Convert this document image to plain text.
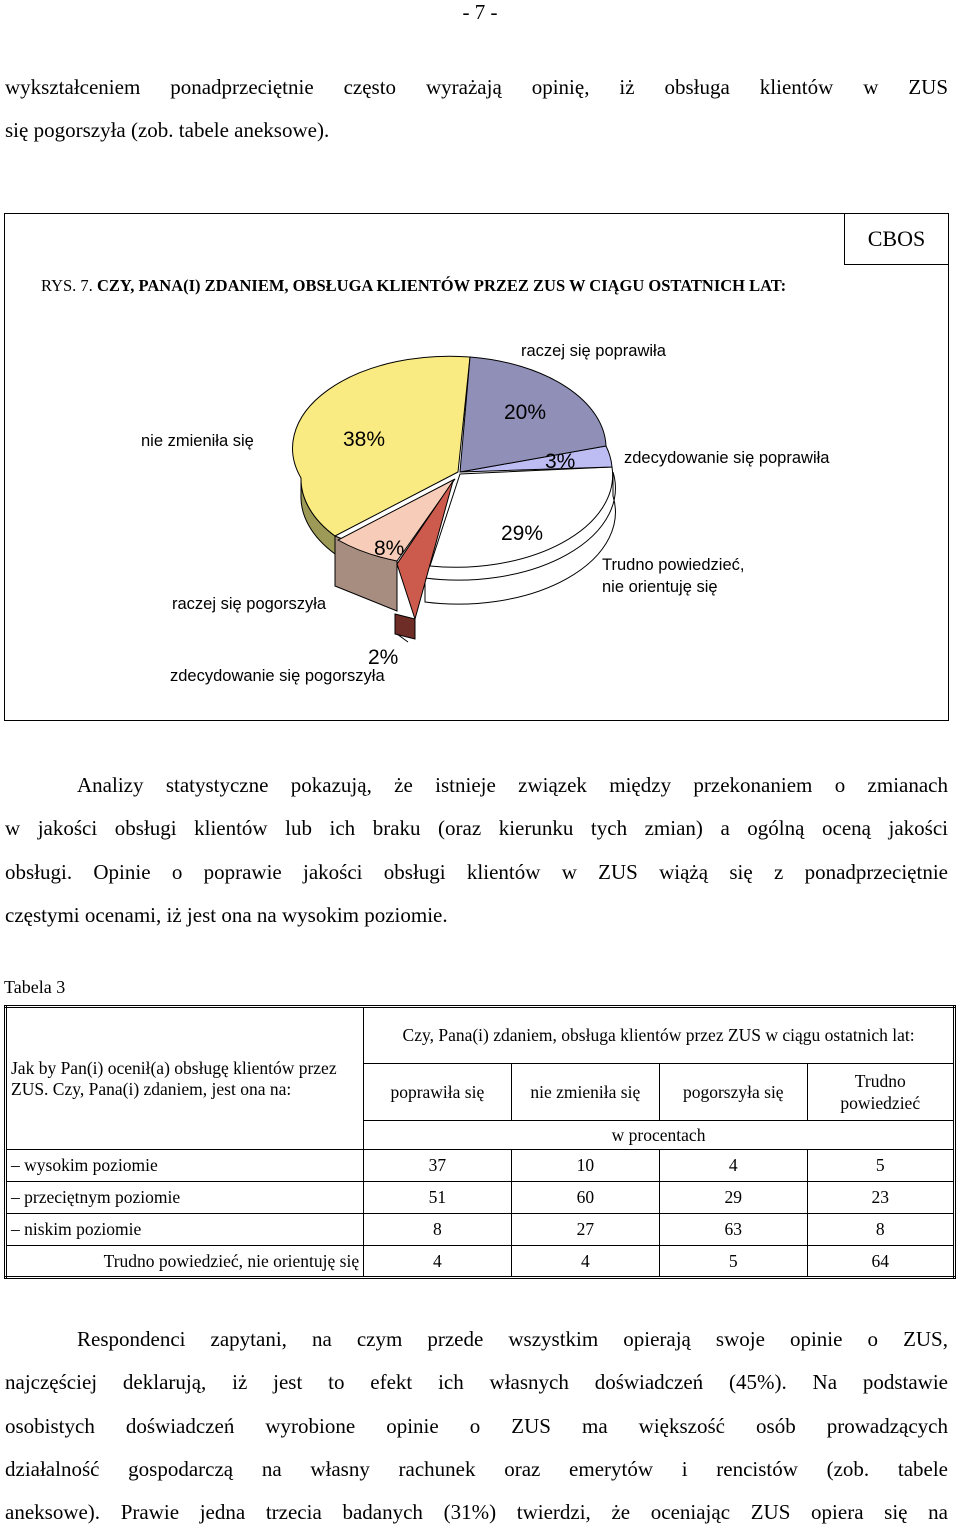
- 7 -
wykształceniem ponadprzeciętnie często wyrażają opinię, iż obsługa klientów w ZUS
się pogorszyła (zob. tabele aneksowe).
CBOS
RYS. 7. CZY, PANA(I) ZDANIEM, OBSŁUGA KLIENTÓW PRZEZ ZUS W CIĄGU OSTATNICH LAT:
raczej się poprawiła
20%
nie zmieniła się	38%
3%	zdecydowanie się poprawiła
29%
Trudno powiedzieć,
nie orientuję się
8%
raczej się pogorszyła
2%
zdecydowanie się pogorszyła
Analizy statystyczne pokazują, że istnieje związek między przekonaniem o zmianach
w jakości obsługi klientów lub ich braku (oraz kierunku tych zmian) a ogólną oceną jakości
obsługi. Opinie o poprawie jakości obsługi klientów w ZUS wiążą się z ponadprzeciętnie
częstymi ocenami, iż jest ona na wysokim poziomie.
Tabela 3
Jak by Pan(i) ocenił(a) obsługę klientów przez ZUS. Czy, Pana(i) zdaniem, jest ona na:	Czy, Pana(i) zdaniem, obsługa klientów przez ZUS w ciągu ostatnich lat:			
	poprawiła się	nie zmieniła się	pogorszyła się	Trudno powiedzieć
	w procentach			
– wysokim poziomie	37	10	4	5
– przeciętnym poziomie	51	60	29	23
– niskim poziomie	8	27	63	8
Trudno powiedzieć, nie orientuję się	4	4	5	64
Respondenci zapytani, na czym przede wszystkim opierają swoje opinie o ZUS,
najczęściej deklarują, iż jest to efekt ich własnych doświadczeń (45%). Na podstawie
osobistych doświadczeń wyrobione opinie o ZUS ma większość osób prowadzących
działalność gospodarczą na własny rachunek oraz emerytów i rencistów (zob. tabele
aneksowe). Prawie jedna trzecia badanych (31%) twierdzi, że oceniając ZUS opiera się na
